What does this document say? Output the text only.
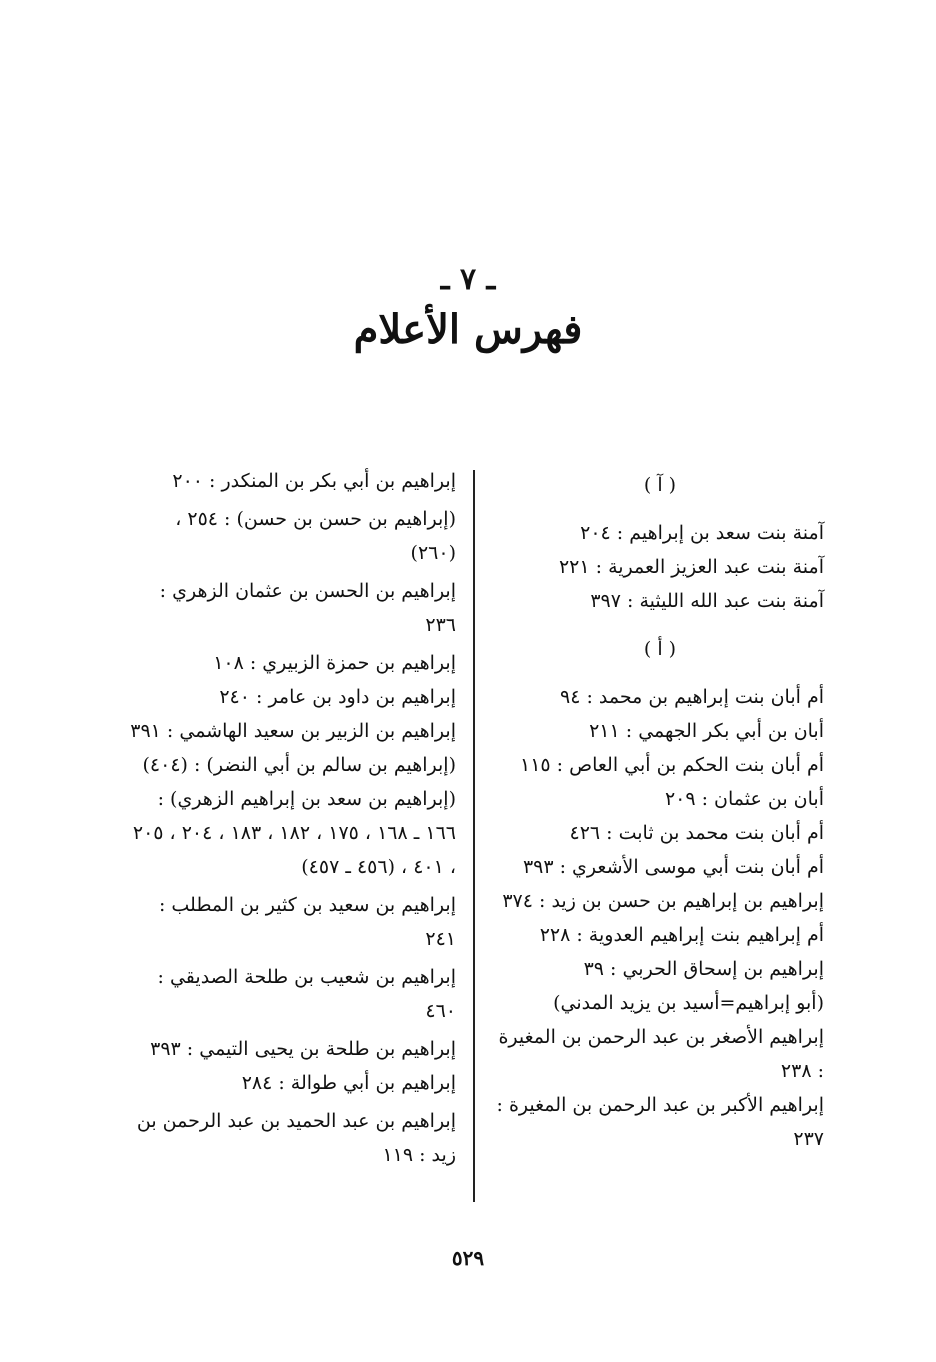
ـ ٧ ـ
فهرس الأعلام

( آ )

آمنة بنت سعد بن إبراهيم : ٢٠٤

آمنة بنت عبد العزيز العمرية : ٢٢١

آمنة بنت عبد الله الليثية : ٣٩٧

( أ )

أم أبان بنت إبراهيم بن محمد : ٩٤

أبان بن أبي بكر الجهمي : ٢١١

أم أبان بنت الحكم بن أبي العاص : ١١٥

أبان بن عثمان : ٢٠٩

أم أبان بنت محمد بن ثابت : ٤٢٦

أم أبان بنت أبي موسى الأشعري : ٣٩٣

إبراهيم بن إبراهيم بن حسن بن زيد : ٣٧٤

أم إبراهيم بنت إبراهيم العدوية : ٢٢٨

إبراهيم بن إسحاق الحربي : ٣٩

(أبو إبراهيم=أسيد بن يزيد المدني)

إبراهيم الأصغر بن عبد الرحمن بن المغيرة : ٢٣٨

إبراهيم الأكبر بن عبد الرحمن بن المغيرة : ٢٣٧

إبراهيم بن أبي بكر بن المنكدر : ٢٠٠

(إبراهيم بن حسن بن حسن) : ٢٥٤ ، (٢٦٠)

إبراهيم بن الحسن بن عثمان الزهري : ٢٣٦

إبراهيم بن حمزة الزبيري : ١٠٨

إبراهيم بن داود بن عامر : ٢٤٠

إبراهيم بن الزبير بن سعيد الهاشمي : ٣٩١

(إبراهيم بن سالم بن أبي النضر) : (٤٠٤)

(إبراهيم بن سعد بن إبراهيم الزهري) : ١٦٦ ـ ١٦٨ ، ١٧٥ ، ١٨٢ ، ١٨٣ ، ٢٠٤ ، ٢٠٥ ، ٤٠١ ، (٤٥٦ ـ ٤٥٧)

إبراهيم بن سعيد بن كثير بن المطلب : ٢٤١

إبراهيم بن شعيب بن طلحة الصديقي : ٤٦٠

إبراهيم بن طلحة بن يحيى التيمي : ٣٩٣

إبراهيم بن أبي طوالة : ٢٨٤

إبراهيم بن عبد الحميد بن عبد الرحمن بن زيد : ١١٩

٥٢٩
